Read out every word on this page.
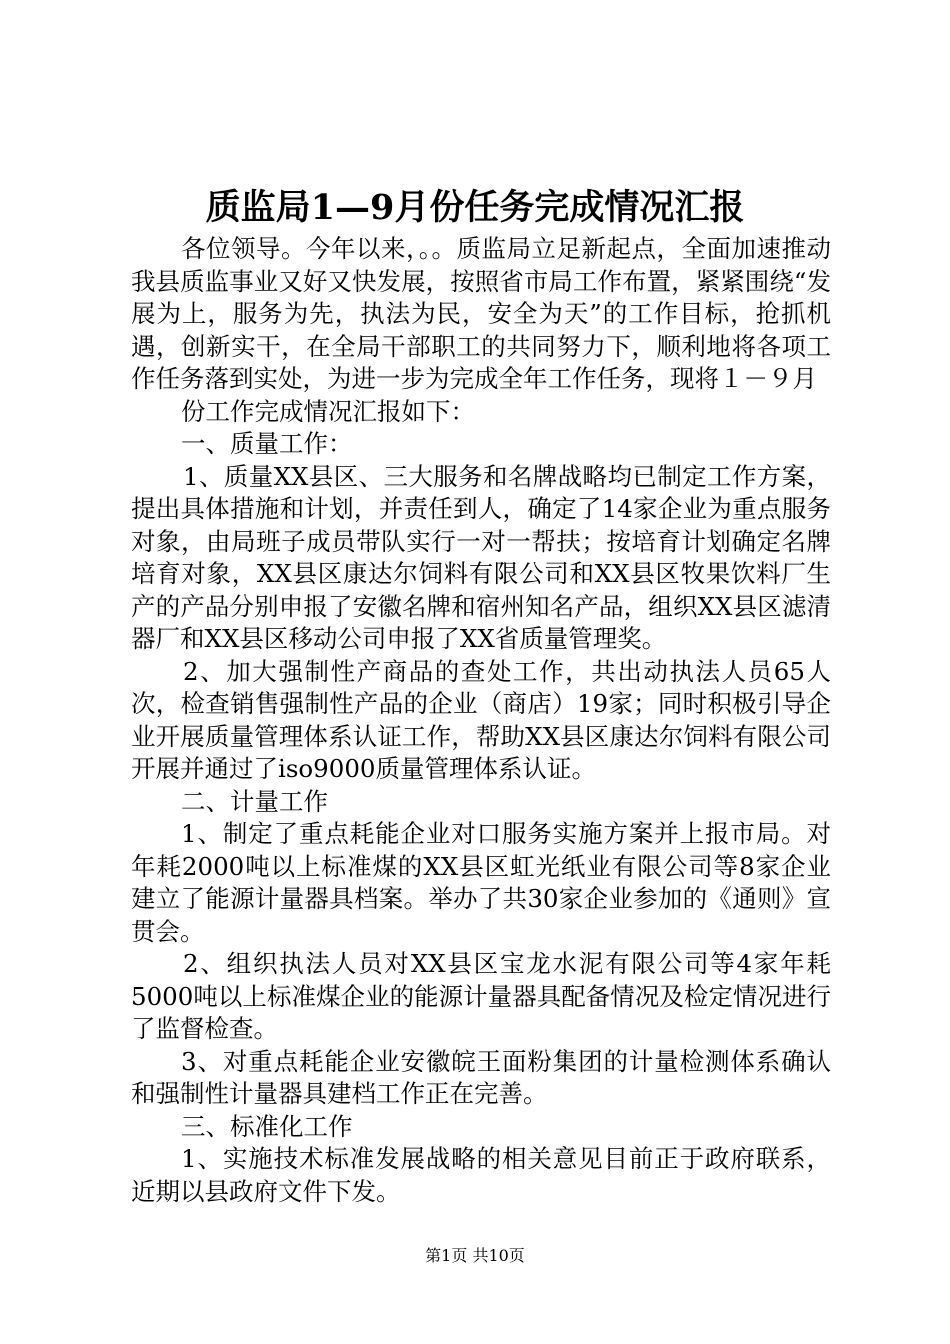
质监局1—9月份任务完成情况汇报

各位领导。今年以来，。。质监局立足新起点，全面加速推动我县质监事业又好又快发展，按照省市局工作布置，紧紧围绕“发展为上，服务为先，执法为民，安全为天”的工作目标，抢抓机遇，创新实干，在全局干部职工的共同努力下，顺利地将各项工作任务落到实处，为进一步为完成全年工作任务，现将１－９月

份工作完成情况汇报如下：

一、质量工作：

1、质量XX县区、三大服务和名牌战略均已制定工作方案，提出具体措施和计划，并责任到人，确定了14家企业为重点服务对象，由局班子成员带队实行一对一帮扶；按培育计划确定名牌培育对象，XX县区康达尔饲料有限公司和XX县区牧果饮料厂生产的产品分别申报了安徽名牌和宿州知名产品，组织XX县区滤清器厂和XX县区移动公司申报了XX省质量管理奖。

2、加大强制性产商品的查处工作，共出动执法人员65人次，检查销售强制性产品的企业（商店）19家；同时积极引导企业开展质量管理体系认证工作，帮助XX县区康达尔饲料有限公司开展并通过了iso9000质量管理体系认证。

二、计量工作

1、制定了重点耗能企业对口服务实施方案并上报市局。对年耗2000吨以上标准煤的XX县区虹光纸业有限公司等8家企业建立了能源计量器具档案。举办了共30家企业参加的《通则》宣贯会。

2、组织执法人员对XX县区宝龙水泥有限公司等4家年耗5000吨以上标准煤企业的能源计量器具配备情况及检定情况进行了监督检查。

3、对重点耗能企业安徽皖王面粉集团的计量检测体系确认和强制性计量器具建档工作正在完善。

三、标准化工作

1、实施技术标准发展战略的相关意见目前正于政府联系，近期以县政府文件下发。

第1页 共10页
